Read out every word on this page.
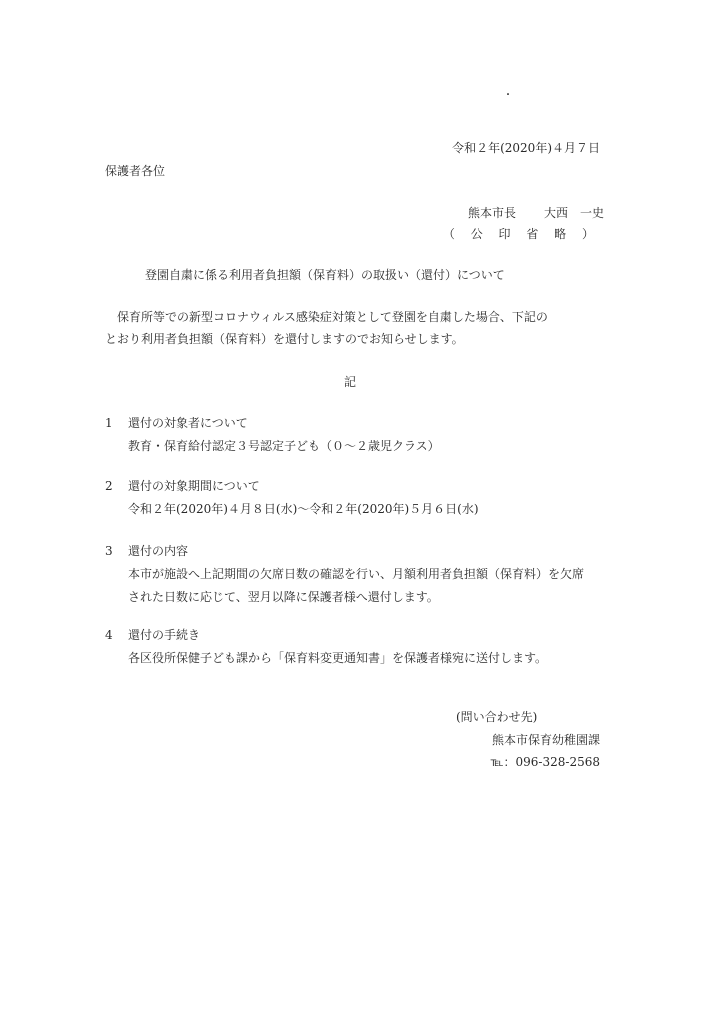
・
令和２年(2020年)４月７日
保護者各位
熊本市長 大西　一史
（ 公 印 省 略 ）
登園自粛に係る利用者負担額（保育料）の取扱い（還付）について
　保育所等での新型コロナウィルス感染症対策として登園を自粛した場合、下記の
とおり利用者負担額（保育料）を還付しますのでお知らせします。
記
1 還付の対象者について
教育・保育給付認定３号認定子ども（０～２歳児クラス）
2 還付の対象期間について
令和２年(2020年)４月８日(水)～令和２年(2020年)５月６日(水)
3 還付の内容
本市が施設へ上記期間の欠席日数の確認を行い、月額利用者負担額（保育料）を欠席
された日数に応じて、翌月以降に保護者様へ還付します。
4 還付の手続き
各区役所保健子ども課から「保育料変更通知書」を保護者様宛に送付します。
(問い合わせ先)
熊本市保育幼稚園課
℡：096-328-2568
